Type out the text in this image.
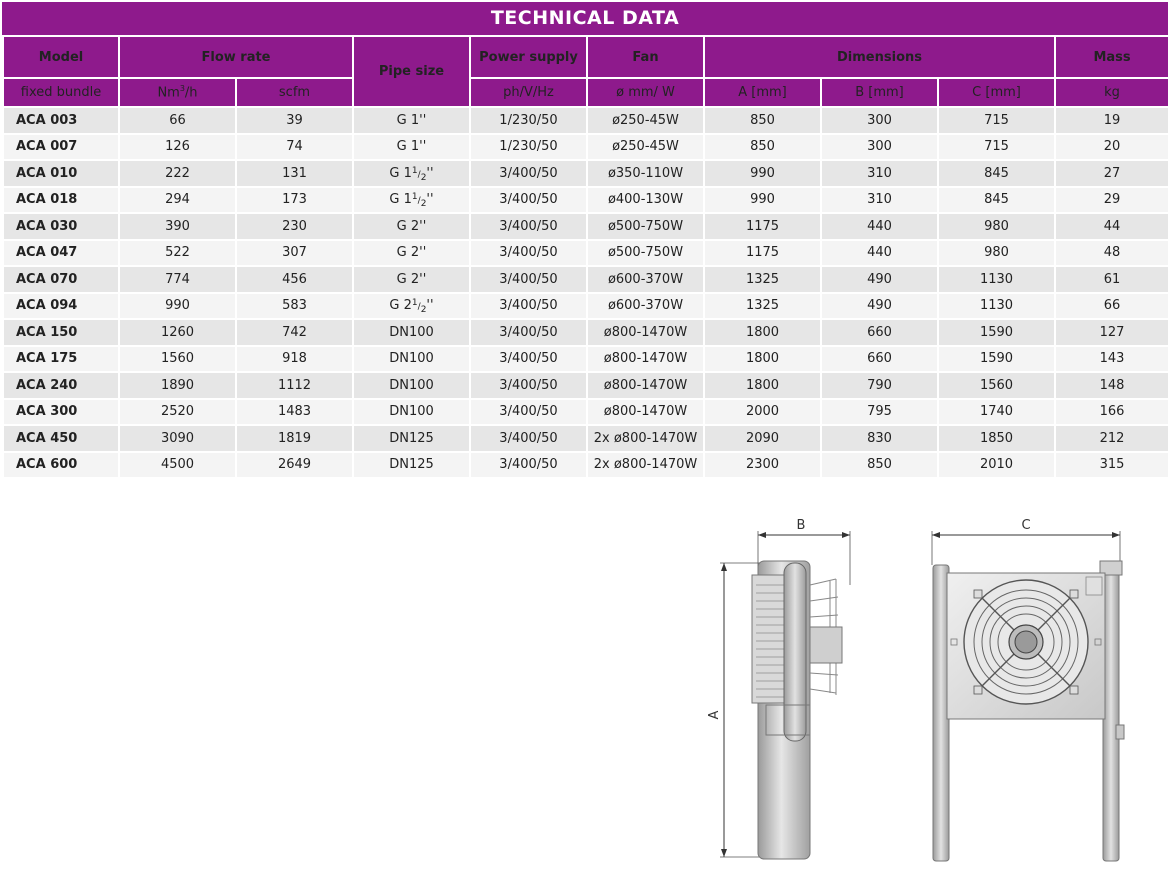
TECHNICAL DATA
Model	Flow rate		Pipe size	Power supply	Fan	Dimensions			Mass
fixed bundle	Nm$^3$/h	scfm		ph/V/Hz	ø mm/ W	A [mm]	B [mm]	C [mm]	kg
ACA 003	66	39	G 1''	1/230/50	ø250-45W	850	300	715	19
ACA 007	126	74	G 1''	1/230/50	ø250-45W	850	300	715	20
ACA 010	222	131	G 11/2''	3/400/50	ø350-110W	990	310	845	27
ACA 018	294	173	G 11/2''	3/400/50	ø400-130W	990	310	845	29
ACA 030	390	230	G 2''	3/400/50	ø500-750W	1175	440	980	44
ACA 047	522	307	G 2''	3/400/50	ø500-750W	1175	440	980	48
ACA 070	774	456	G 2''	3/400/50	ø600-370W	1325	490	1130	61
ACA 094	990	583	G 21/2''	3/400/50	ø600-370W	1325	490	1130	66
ACA 150	1260	742	DN100	3/400/50	ø800-1470W	1800	660	1590	127
ACA 175	1560	918	DN100	3/400/50	ø800-1470W	1800	660	1590	143
ACA 240	1890	1112	DN100	3/400/50	ø800-1470W	1800	790	1560	148
ACA 300	2520	1483	DN100	3/400/50	ø800-1470W	2000	795	1740	166
ACA 450	3090	1819	DN125	3/400/50	2x ø800-1470W	2090	830	1850	212
ACA 600	4500	2649	DN125	3/400/50	2x ø800-1470W	2300	850	2010	315
A
B	C
